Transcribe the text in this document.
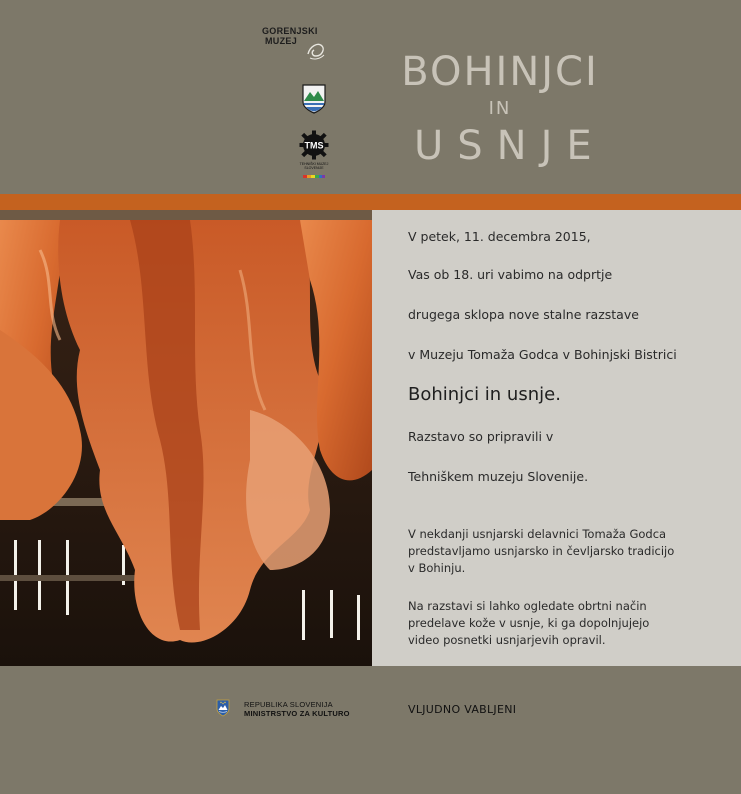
GORENJSKI
MUZEJ
TMS
TEHNIŠKI MUZEJ SLOVENIJE
BOHINJCI
IN
USNJE
V petek, 11. decembra 2015,
Vas ob 18. uri vabimo na odprtje
drugega sklopa nove stalne razstave
v Muzeju Tomaža Godca v Bohinjski Bistrici
Bohinjci in usnje.
Razstavo so pripravili v
Tehniškem muzeju Slovenije.
V nekdanji usnjarski delavnici Tomaža Godca
predstavljamo usnjarsko in čevljarsko tradicijo
v Bohinju.
Na razstavi si lahko ogledate obrtni način
predelave kože v usnje, ki ga dopolnjujejo
video posnetki usnjarjevih opravil.
REPUBLIKA SLOVENIJA
MINISTRSTVO ZA KULTURO	VLJUDNO VABLJENI
